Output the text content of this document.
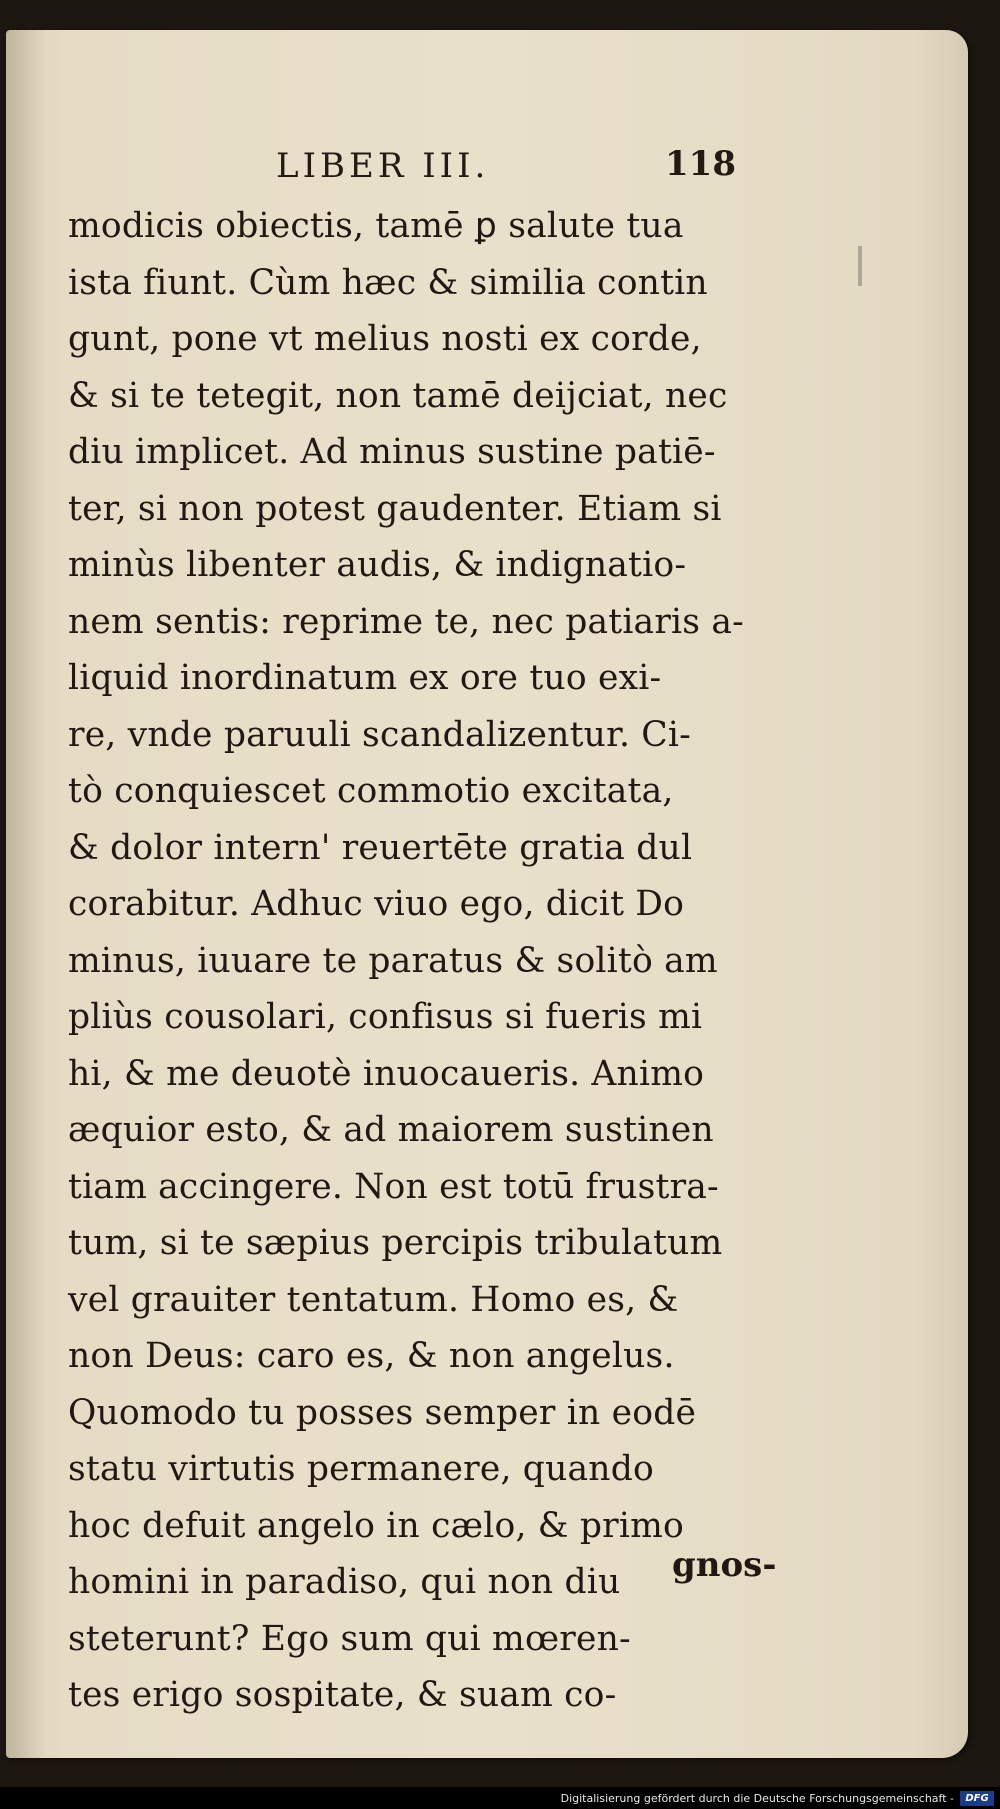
LIBER III.	118
modicis obiectis, tamē ꝑ salute tua
ista fiunt. Cùm hæc & similia contin
gunt, pone vt melius nosti ex corde,
& si te tetegit, non tamē deijciat, nec
diu implicet. Ad minus sustine patiē-
ter, si non potest gaudenter. Etiam si
minùs libenter audis, & indignatio-
nem sentis: reprime te, nec patiaris a-
liquid inordinatum ex ore tuo exi-
re, vnde paruuli scandalizentur. Ci-
tò conquiescet commotio excitata,
& dolor intern' reuertēte gratia dul
corabitur. Adhuc viuo ego, dicit Do
minus, iuuare te paratus & solitò am
pliùs cousolari, confisus si fueris mi
hi, & me deuotè inuocaueris. Animo
æquior esto, & ad maiorem sustinen
tiam accingere. Non est totū frustra-
tum, si te sæpius percipis tribulatum
vel grauiter tentatum. Homo es, &
non Deus: caro es, & non angelus.
Quomodo tu posses semper in eodē
statu virtutis permanere, quando
hoc defuit angelo in cælo, & primo
homini in paradiso, qui non diu
steterunt? Ego sum qui mœren-
tes erigo sospitate, & suam co-
gnos-
Digitalisierung gefördert durch die Deutsche Forschungsgemeinschaft -	DFG
